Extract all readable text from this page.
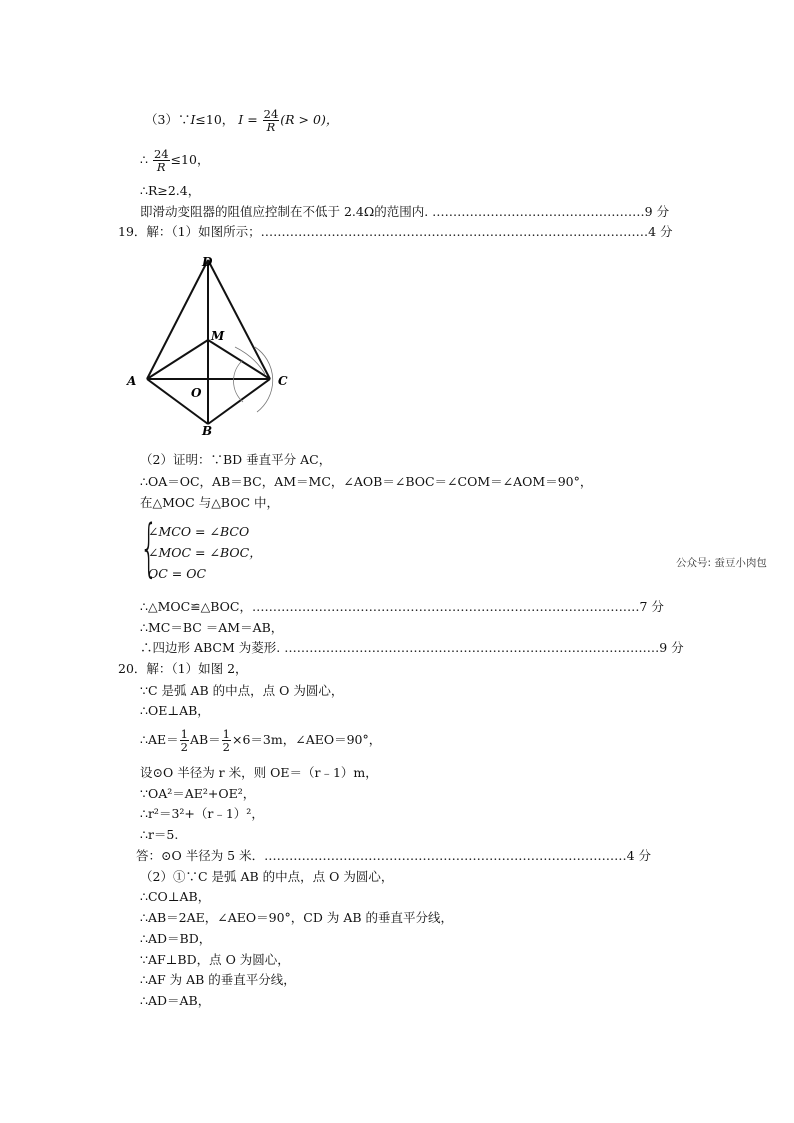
（3）∵I≤10， $I = \frac{24}{R} (R > 0)$，
∴ $\frac{24}{R} \le 10$，
∴R≥2.4，
即滑动变阻器的阻值应控制在不低于 2.4Ω的范围内. ……………………………………………9 分
19．解：（1）如图所示；…………………………………………………………………………………4 分
D
M
A
O
C
B
（2）证明：∵BD 垂直平分 AC，
∴OA＝OC，AB＝BC，AM＝MC，∠AOB＝∠BOC＝∠COM＝∠AOM＝90°，
在△MOC 与△BOC 中，
{
∠MCO = ∠BCO
∠MOC = ∠BOC，
OC = OC
公众号: 蚕豆小肉包
∴△MOC≌△BOC，…………………………………………………………………………………7 分
∴MC＝BC ＝AM＝AB，
∴四边形 ABCM 为菱形. ………………………………………………………………………………9 分
20．解：（1）如图 2，
∵C 是弧 AB 的中点，点 O 为圆心，
∴OE⊥AB，
∴AE＝ $\frac{1}{2} AB= \frac{1}{2} \times 6=3m$，∠AEO＝90°，
设⊙O 半径为 r 米，则 OE＝（r﹣1）m，
∵OA²＝AE²+OE²，
∴r²＝3²+（r﹣1）²，
∴r＝5.
答：⊙O 半径为 5 米．……………………………………………………………………………4 分
（2）①∵C 是弧 AB 的中点，点 O 为圆心，
∴CO⊥AB，
∴AB＝2AE，∠AEO＝90°，CD 为 AB 的垂直平分线，
∴AD＝BD，
∵AF⊥BD，点 O 为圆心，
∴AF 为 AB 的垂直平分线，
∴AD＝AB，
